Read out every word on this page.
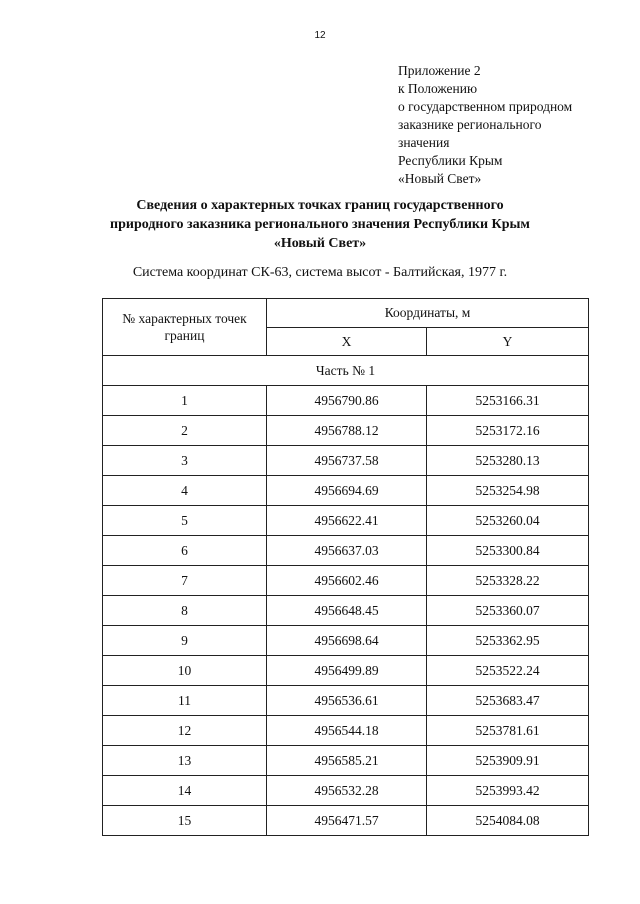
12
Приложение 2
к Положению
о государственном природном
заказнике регионального
значения
Республики Крым
«Новый Свет»
Сведения о характерных точках границ государственного
природного заказника регионального значения Республики Крым
«Новый Свет»
Система координат СК-63, система высот - Балтийская, 1977 г.
№ характерных точек
границ	Координаты, м	
	X	Y
Часть № 1		
1	4956790.86	5253166.31
2	4956788.12	5253172.16
3	4956737.58	5253280.13
4	4956694.69	5253254.98
5	4956622.41	5253260.04
6	4956637.03	5253300.84
7	4956602.46	5253328.22
8	4956648.45	5253360.07
9	4956698.64	5253362.95
10	4956499.89	5253522.24
11	4956536.61	5253683.47
12	4956544.18	5253781.61
13	4956585.21	5253909.91
14	4956532.28	5253993.42
15	4956471.57	5254084.08
